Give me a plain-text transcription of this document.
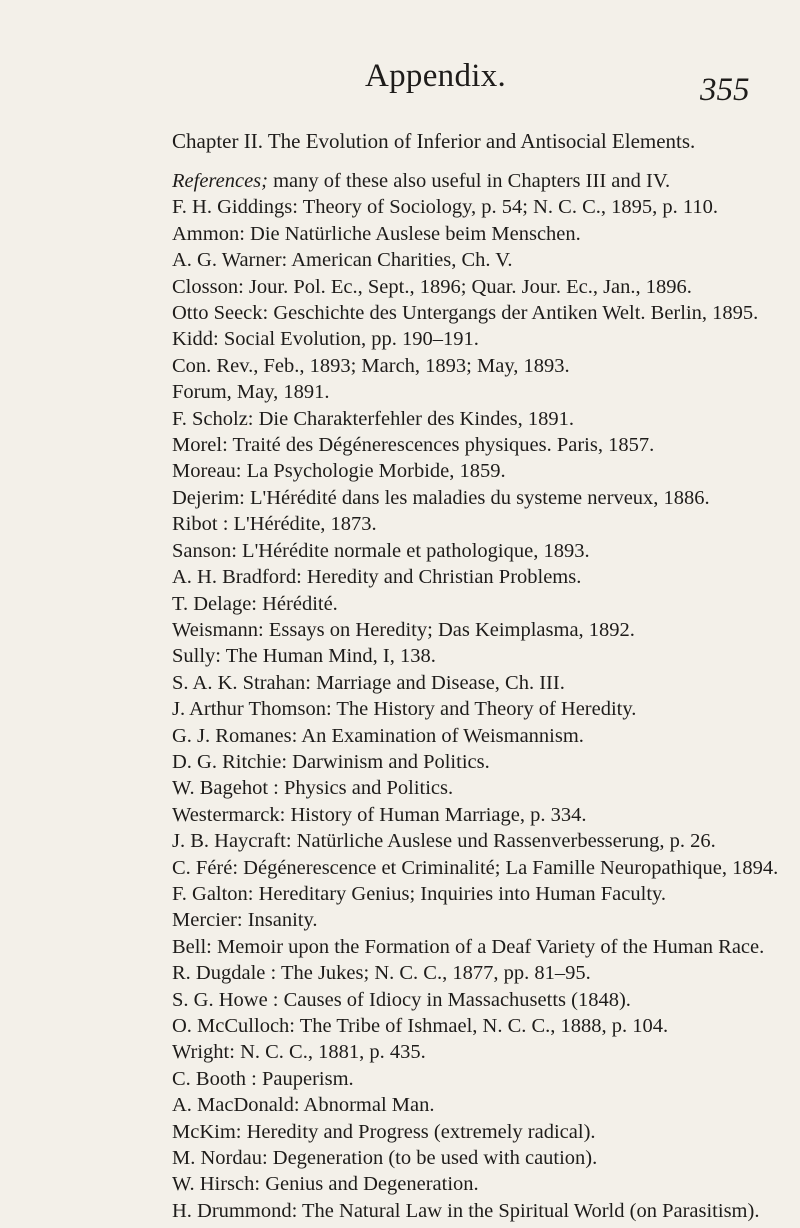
Appendix.	355
Chapter II. The Evolution of Inferior and Antisocial Elements.

References; many of these also useful in Chapters III and IV.

F. H. Giddings: Theory of Sociology, p. 54; N. C. C., 1895, p. 110.

Ammon: Die Natürliche Auslese beim Menschen.

A. G. Warner: American Charities, Ch. V.

Closson: Jour. Pol. Ec., Sept., 1896; Quar. Jour. Ec., Jan., 1896.

Otto Seeck: Geschichte des Untergangs der Antiken Welt. Berlin, 1895.

Kidd: Social Evolution, pp. 190–191.

Con. Rev., Feb., 1893; March, 1893; May, 1893.

Forum, May, 1891.

F. Scholz: Die Charakterfehler des Kindes, 1891.

Morel: Traité des Dégénerescences physiques. Paris, 1857.

Moreau: La Psychologie Morbide, 1859.

Dejerim: L'Hérédité dans les maladies du systeme nerveux, 1886.

Ribot : L'Hérédite, 1873.

Sanson: L'Hérédite normale et pathologique, 1893.

A. H. Bradford: Heredity and Christian Problems.

T. Delage: Hérédité.

Weismann: Essays on Heredity; Das Keimplasma, 1892.

Sully: The Human Mind, I, 138.

S. A. K. Strahan: Marriage and Disease, Ch. III.

J. Arthur Thomson: The History and Theory of Heredity.

G. J. Romanes: An Examination of Weismannism.

D. G. Ritchie: Darwinism and Politics.

W. Bagehot : Physics and Politics.

Westermarck: History of Human Marriage, p. 334.

J. B. Haycraft: Natürliche Auslese und Rassenverbesserung, p. 26.

C. Féré: Dégénerescence et Criminalité; La Famille Neuropathique, 1894.

F. Galton: Hereditary Genius; Inquiries into Human Faculty.

Mercier: Insanity.

Bell: Memoir upon the Formation of a Deaf Variety of the Human Race.

R. Dugdale : The Jukes; N. C. C., 1877, pp. 81–95.

S. G. Howe : Causes of Idiocy in Massachusetts (1848).

O. McCulloch: The Tribe of Ishmael, N. C. C., 1888, p. 104.

Wright: N. C. C., 1881, p. 435.

C. Booth : Pauperism.

A. MacDonald: Abnormal Man.

McKim: Heredity and Progress (extremely radical).

M. Nordau: Degeneration (to be used with caution).

W. Hirsch: Genius and Degeneration.

H. Drummond: The Natural Law in the Spiritual World (on Parasitism).
